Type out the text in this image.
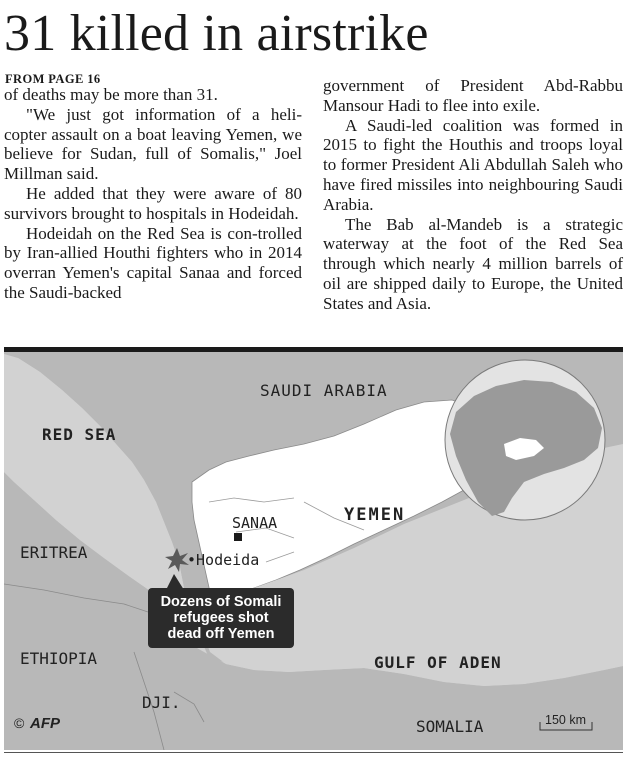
31 killed in airstrike
FROM PAGE 16

of deaths may be more than 31.

"We just got information of a heli-copter assault on a boat leaving Yemen, we believe for Sudan, full of Somalis," Joel Millman said.

He added that they were aware of 80 survivors brought to hospitals in Hodeidah.

Hodeidah on the Red Sea is con-trolled by Iran-allied Houthi fighters who in 2014 overran Yemen's capital Sanaa and forced the Saudi-backed

government of President Abd-Rabbu Mansour Hadi to flee into exile.

A Saudi-led coalition was formed in 2015 to fight the Houthis and troops loyal to former President Ali Abdullah Saleh who have fired missiles into neighbouring Saudi Arabia.

The Bab al-Mandeb is a strategic waterway at the foot of the Red Sea through which nearly 4 million barrels of oil are shipped daily to Europe, the United States and Asia.

SAUDI ARABIA
RED SEA
YEMEN
SANAA
ERITREA	•Hodeida
ETHIOPIA	GULF OF ADEN
DJI.
SOMALIA
Dozens of Somali
refugees shot
dead off Yemen
150 km
© AFP
